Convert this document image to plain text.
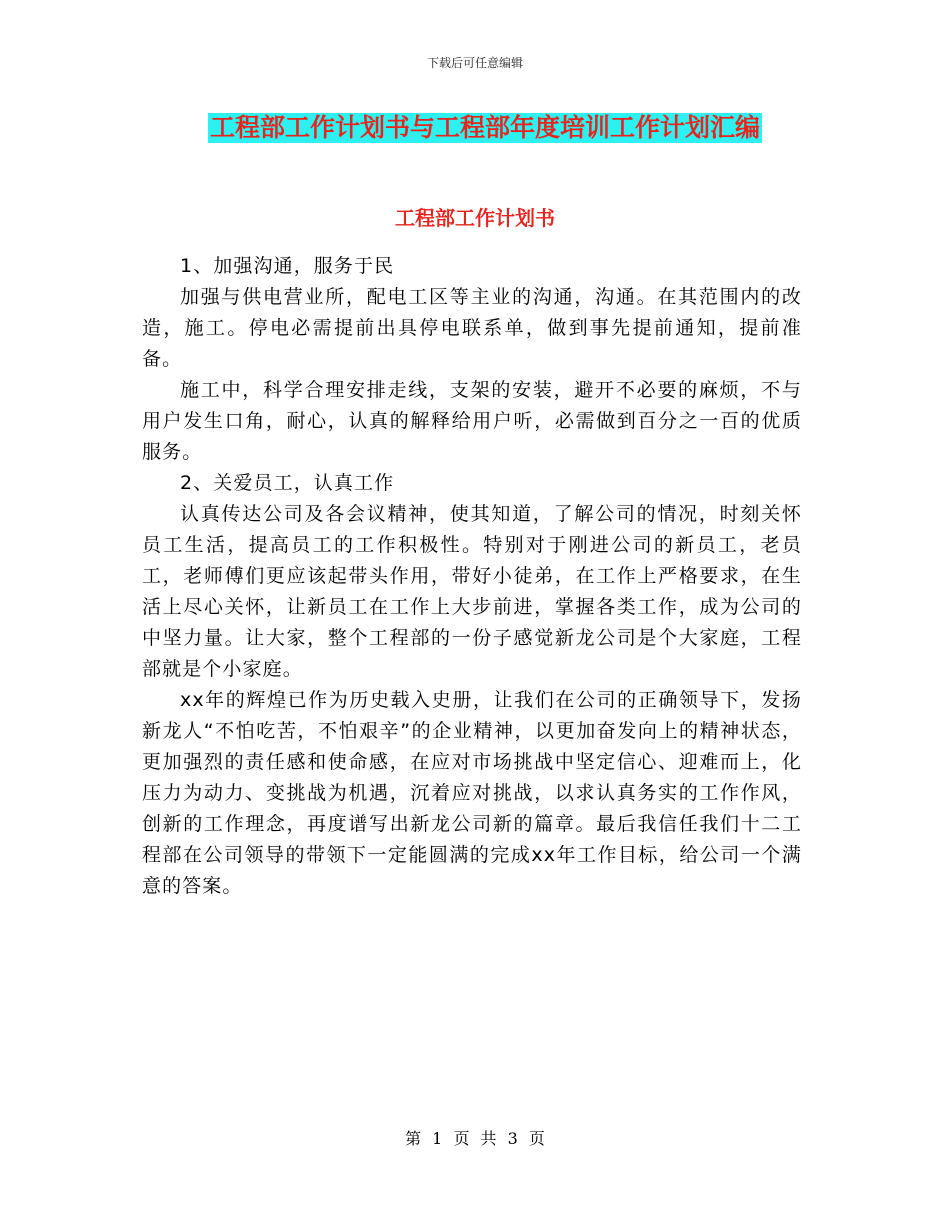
下载后可任意编辑
工程部工作计划书与工程部年度培训工作计划汇编
工程部工作计划书

1、加强沟通，服务于民

加强与供电营业所，配电工区等主业的沟通，沟通。在其范围内的改造，施工。停电必需提前出具停电联系单，做到事先提前通知，提前准备。

施工中，科学合理安排走线，支架的安装，避开不必要的麻烦，不与用户发生口角，耐心，认真的解释给用户听，必需做到百分之一百的优质服务。

2、关爱员工，认真工作

认真传达公司及各会议精神，使其知道，了解公司的情况，时刻关怀员工生活，提高员工的工作积极性。特别对于刚进公司的新员工，老员工，老师傅们更应该起带头作用，带好小徒弟，在工作上严格要求，在生活上尽心关怀，让新员工在工作上大步前进，掌握各类工作，成为公司的中坚力量。让大家，整个工程部的一份子感觉新龙公司是个大家庭，工程部就是个小家庭。

xx年的辉煌已作为历史载入史册，让我们在公司的正确领导下，发扬新龙人“不怕吃苦，不怕艰辛”的企业精神，以更加奋发向上的精神状态，更加强烈的责任感和使命感，在应对市场挑战中坚定信心、迎难而上，化压力为动力、变挑战为机遇，沉着应对挑战，以求认真务实的工作作风，创新的工作理念，再度谱写出新龙公司新的篇章。最后我信任我们十二工程部在公司领导的带领下一定能圆满的完成xx年工作目标，给公司一个满意的答案。

第 1 页 共 3 页
